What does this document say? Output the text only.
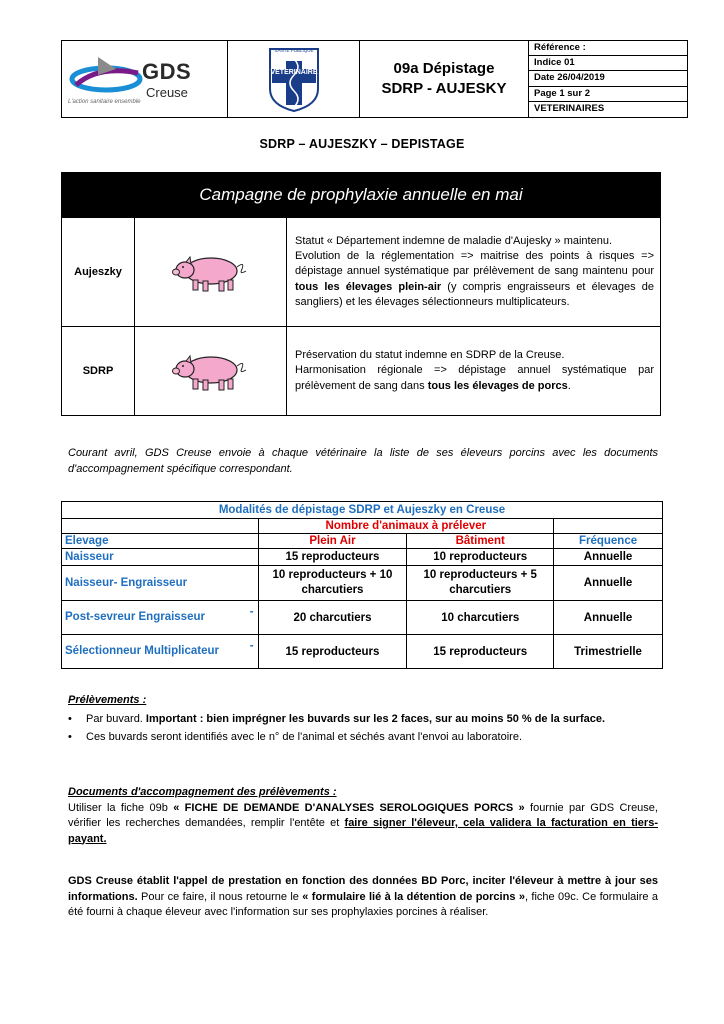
GDS
Creuse
L'action sanitaire ensemble
VETERINAIRE
SANTÉ PUBLIQUE
09a Dépistage
SDRP - AUJESKY
Référence :
Indice 01
Date 26/04/2019
Page 1 sur 2
VETERINAIRES
SDRP – AUJESZKY – DEPISTAGE
Campagne de prophylaxie annuelle en mai
Aujeszky
Statut « Département indemne de maladie d'Aujesky » maintenu.
Evolution de la réglementation => maitrise des points à risques => dépistage annuel systématique par prélèvement de sang maintenu pour tous les élevages plein-air (y compris engraisseurs et élevages de sangliers) et les élevages sélectionneurs multiplicateurs.
SDRP
Préservation du statut indemne en SDRP de la Creuse.
Harmonisation régionale => dépistage annuel systématique par prélèvement de sang dans tous les élevages de porcs.
Courant avril, GDS Creuse envoie à chaque vétérinaire la liste de ses éleveurs porcins avec les documents d'accompagnement spécifique correspondant.
Modalités de dépistage SDRP et Aujeszky en Creuse			
	Nombre d'animaux à prélever		
Elevage	Plein Air	Bâtiment	Fréquence
Naisseur	15 reproducteurs	10 reproducteurs	Annuelle
Naisseur- Engraisseur	10 reproducteurs + 10 charcutiers	10 reproducteurs + 5 charcutiers	Annuelle
Post-sevreur Engraisseur -	20 charcutiers	10 charcutiers	Annuelle
Sélectionneur Multiplicateur -	15 reproducteurs	15 reproducteurs	Trimestrielle
Prélèvements :
•	Par buvard. Important : bien imprégner les buvards sur les 2 faces, sur au moins 50 % de la surface.
•	Ces buvards seront identifiés avec le n° de l'animal et séchés avant l'envoi au laboratoire.
Documents d'accompagnement des prélèvements :
Utiliser la fiche 09b « FICHE DE DEMANDE D'ANALYSES SEROLOGIQUES PORCS » fournie par GDS Creuse, vérifier les recherches demandées, remplir l'entête et faire signer l'éleveur, cela validera la facturation en tiers-payant.
GDS Creuse établit l'appel de prestation en fonction des données BD Porc, inciter l'éleveur à mettre à jour ses informations. Pour ce faire, il nous retourne le « formulaire lié à la détention de porcins », fiche 09c. Ce formulaire a été fourni à chaque éleveur avec l'information sur ses prophylaxies porcines à réaliser.
